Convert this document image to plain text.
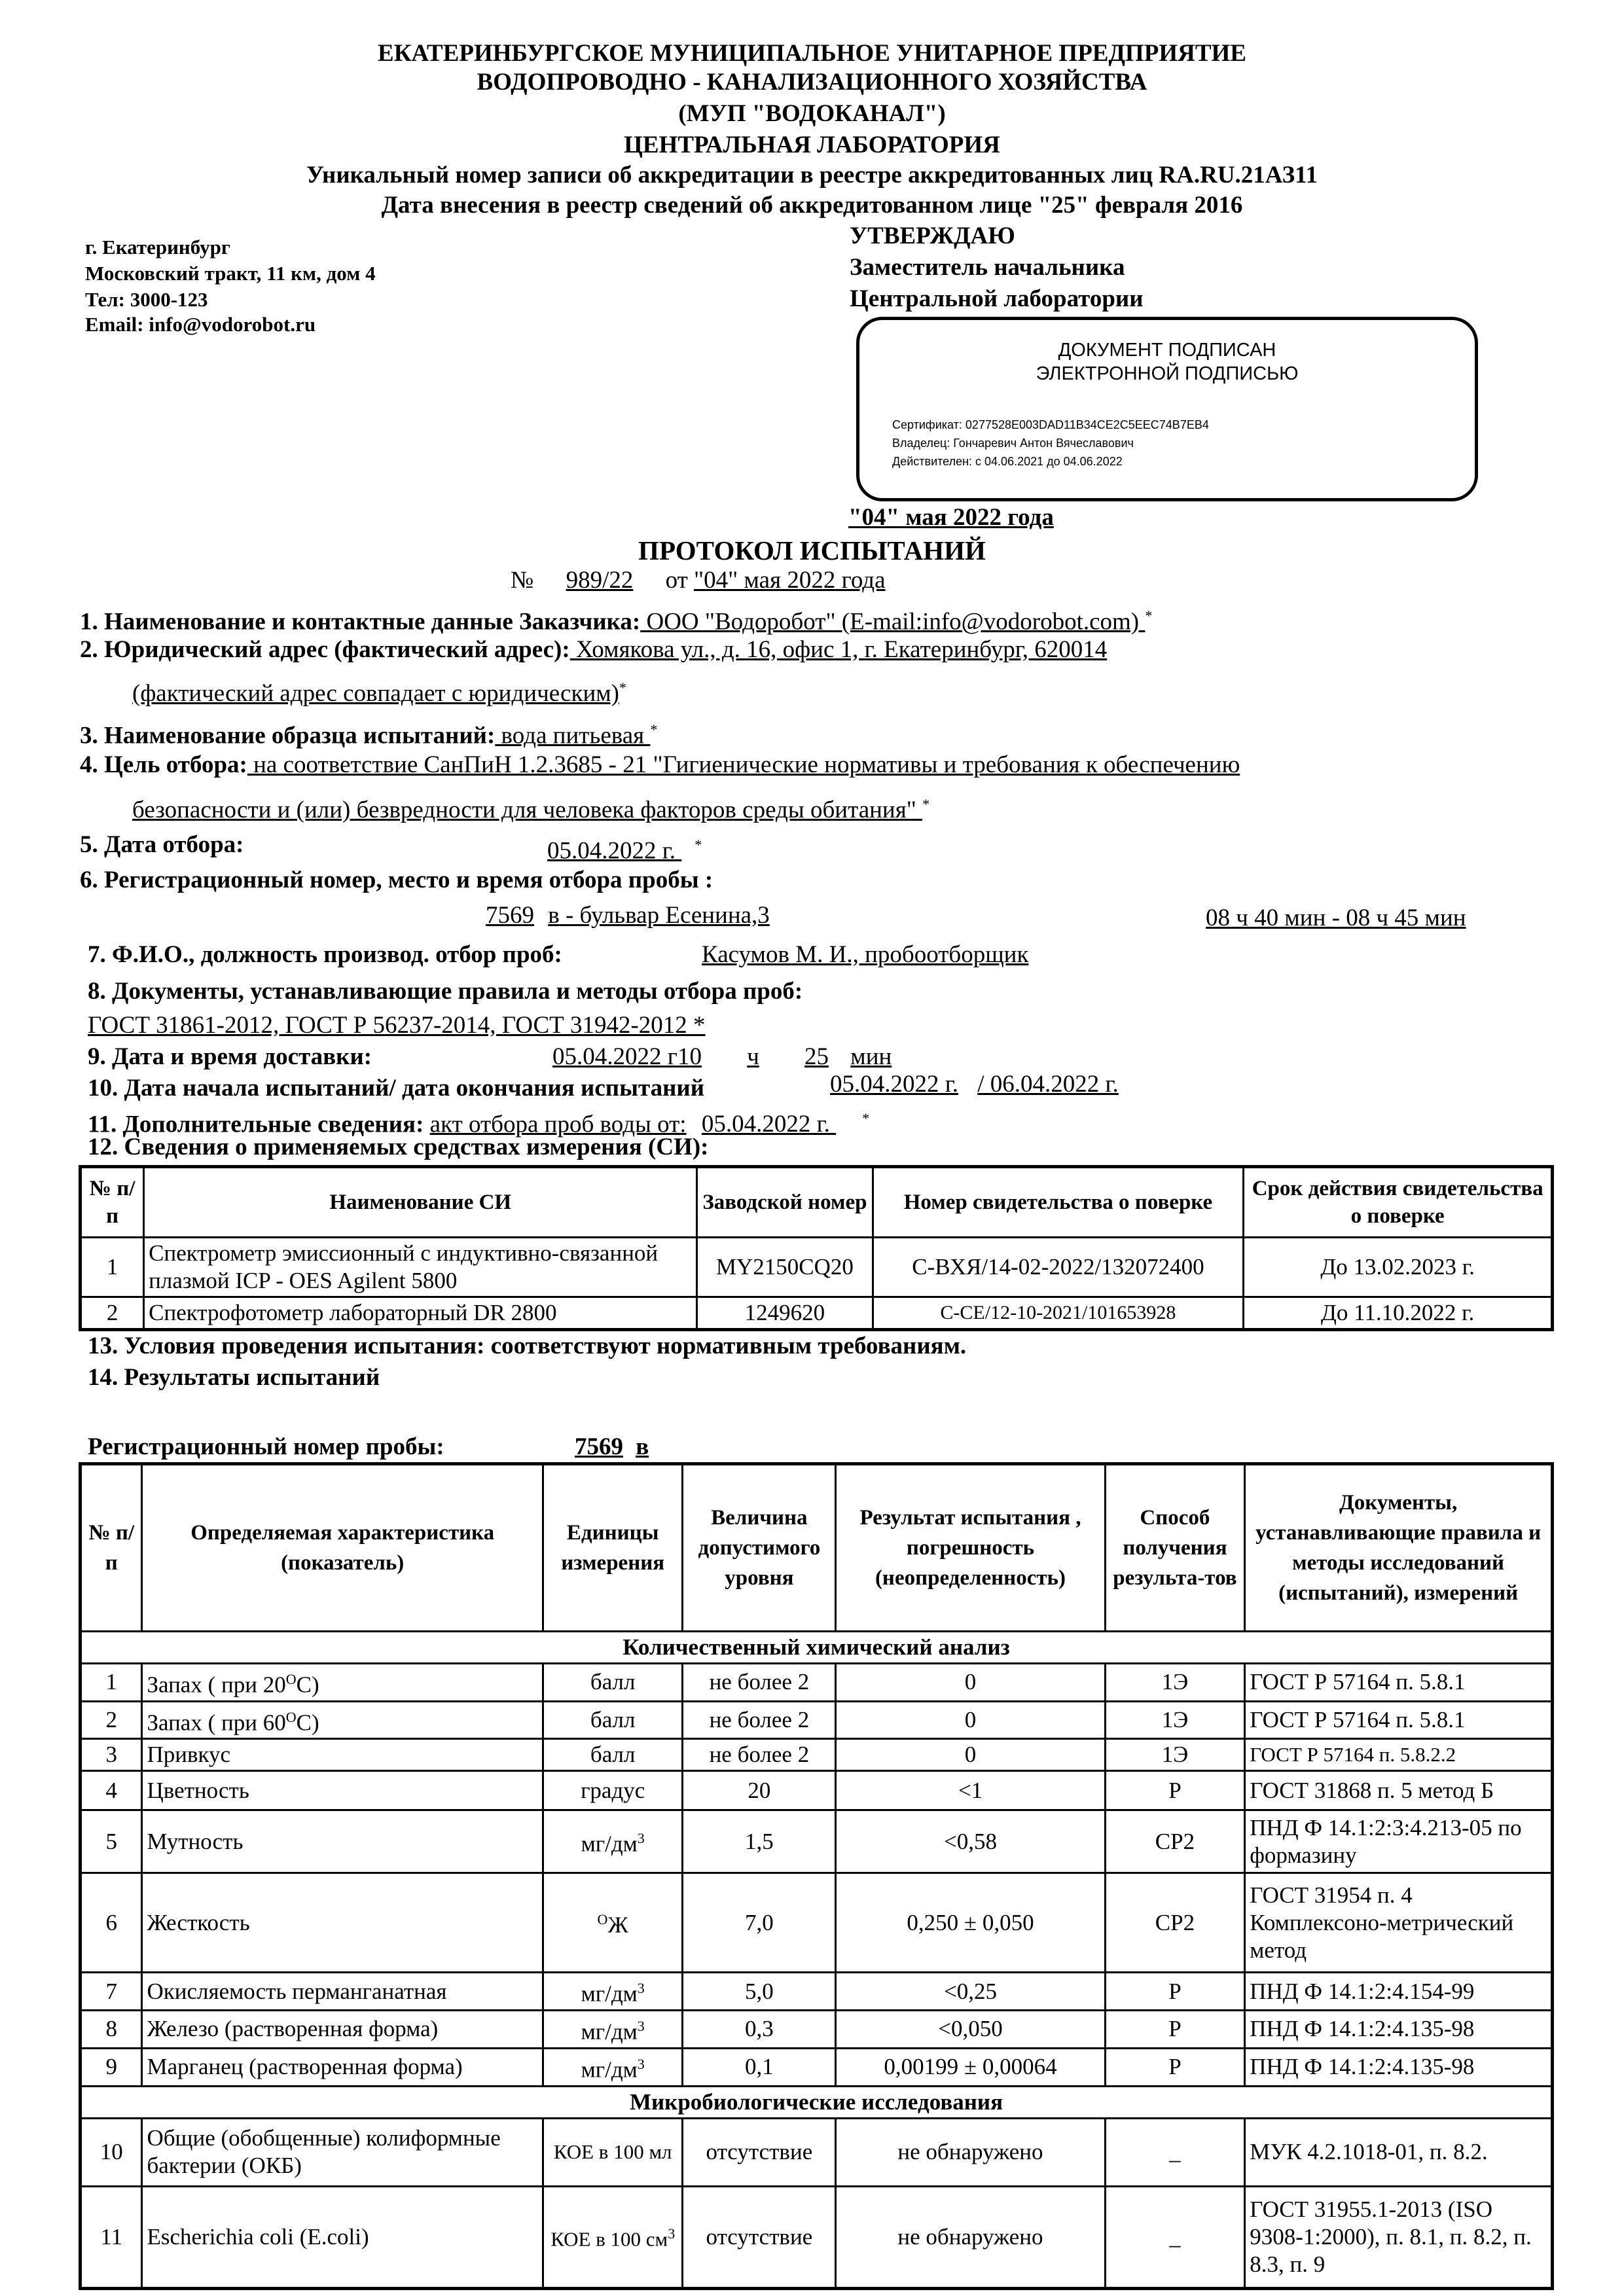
ЕКАТЕРИНБУРГСКОЕ МУНИЦИПАЛЬНОЕ УНИТАРНОЕ ПРЕДПРИЯТИЕ
ВОДОПРОВОДНО - КАНАЛИЗАЦИОННОГО ХОЗЯЙСТВА
(МУП "ВОДОКАНАЛ")
ЦЕНТРАЛЬНАЯ ЛАБОРАТОРИЯ
Уникальный номер записи об аккредитации в реестре аккредитованных лиц RA.RU.21АЗ11
Дата внесения в реестр сведений об аккредитованном лице "25" февраля 2016
г. Екатеринбург
Московский тракт, 11 км, дом 4
Тел: 3000-123
Email: info@vodorobot.ru
УТВЕРЖДАЮ
Заместитель начальника
Центральной лаборатории
ДОКУМЕНТ ПОДПИСАН
ЭЛЕКТРОННОЙ ПОДПИСЬЮ
Сертификат: 0277528E003DAD11B34CE2C5EEC74B7EB4
Владелец: Гончаревич Антон Вячеславович
Действителен: с 04.06.2021 до 04.06.2022
"04" мая 2022 года
ПРОТОКОЛ ИСПЫТАНИЙ
№ 989/22 от "04" мая 2022 года
1. Наименование и контактные данные Заказчика: ООО "Водоробот" (E-mail:info@vodorobot.com) *
2. Юридический адрес (фактический адрес): Хомякова ул., д. 16, офис 1, г. Екатеринбург, 620014
(фактический адрес совпадает с юридическим)*
3. Наименование образца испытаний: вода питьевая *
4. Цель отбора: на соответствие СанПиН 1.2.3685 - 21 "Гигиенические нормативы и требования к обеспечению
безопасности и (или) безвредности для человека факторов среды обитания" *
5. Дата отбора:	05.04.2022 г. *
6. Регистрационный номер, место и время отбора пробы :
7569 в - бульвар Есенина,3	08 ч 40 мин - 08 ч 45 мин
7. Ф.И.О., должность производ. отбор проб:	Касумов М. И., пробоотборщик
8. Документы, устанавливающие правила и методы отбора проб:
ГОСТ 31861-2012, ГОСТ Р 56237-2014, ГОСТ 31942-2012 *
9. Дата и время доставки:	05.04.2022 г10 ч 25 мин
10. Дата начала испытаний/ дата окончания испытаний	05.04.2022 г. / 06.04.2022 г.
11. Дополнительные сведения: акт отбора проб воды от: 05.04.2022 г. *
12. Сведения о применяемых средствах измерения (СИ):
№ п/п	Наименование СИ	Заводской номер	Номер свидетельства о поверке	Срок действия свидетельства о поверке
1	Спектрометр эмиссионный с индуктивно-связанной плазмой ICP - OES Agilent 5800	MY2150CQ20	С-ВХЯ/14-02-2022/132072400	До 13.02.2023 г.
2	Спектрофотометр лабораторный DR 2800	1249620	С-СЕ/12-10-2021/101653928	До 11.10.2022 г.
13. Условия проведения испытания: соответствуют нормативным требованиям.
14. Результаты испытаний
Регистрационный номер пробы:	7569 в
№ п/п	Определяемая характеристика (показатель)	Единицы измерения	Величина допустимого уровня	Результат испытания , погрешность (неопределенность)	Способ получения результа-тов	Документы, устанавливающие правила и методы исследований (испытаний), измерений
Количественный химический анализ						
1	Запах ( при $20^ОС$)	балл	не более 2	0	1Э	ГОСТ Р 57164 п. 5.8.1
2	Запах ( при $60^ОС$)	балл	не более 2	0	1Э	ГОСТ Р 57164 п. 5.8.1
3	Привкус	балл	не более 2	0	1Э	ГОСТ Р 57164 п. 5.8.2.2
4	Цветность	градус	20	<1	Р	ГОСТ 31868 п. 5 метод Б
5	Мутность	$мг/дм^3$	1,5	<0,58	СР2	ПНД Ф 14.1:2:3:4.213-05 по формазину
6	Жесткость	$^О$Ж	7,0	0,250 ± 0,050	СР2	ГОСТ 31954 п. 4 Комплексоно-метрический метод
7	Окисляемость перманганатная	$мг/дм^3$	5,0	<0,25	Р	ПНД Ф 14.1:2:4.154-99
8	Железо (растворенная форма)	$мг/дм^3$	0,3	<0,050	Р	ПНД Ф 14.1:2:4.135-98
9	Марганец (растворенная форма)	$мг/дм^3$	0,1	0,00199 ± 0,00064	Р	ПНД Ф 14.1:2:4.135-98
Микробиологические исследования						
10	Общие (обобщенные) колиформные бактерии (ОКБ)	КОЕ в 100 мл	отсутствие	не обнаружено	_	МУК 4.2.1018-01, п. 8.2.
11	Escherichia coli (E.coli)	КОЕ в 100 $см^3$	отсутствие	не обнаружено	_	ГОСТ 31955.1-2013 (ISO 9308-1:2000), п. 8.1, п. 8.2, п. 8.3, п. 9
